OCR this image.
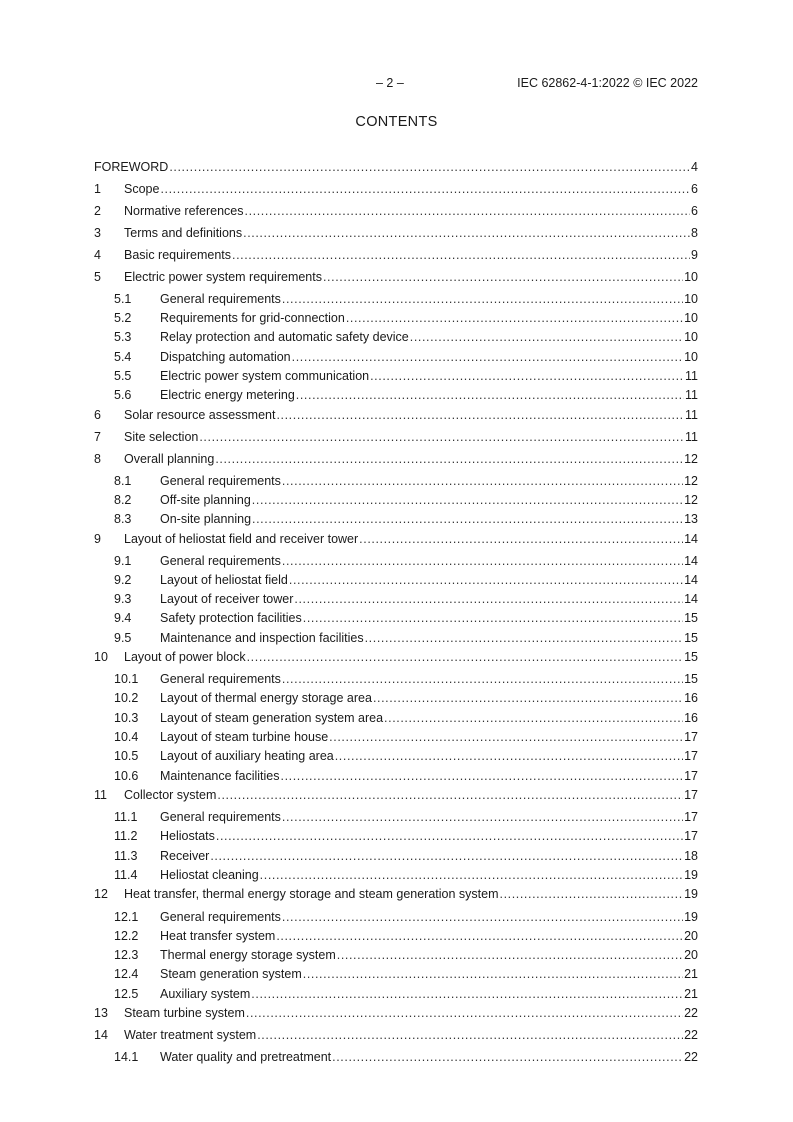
– 2 –	IEC 62862-4-1:2022 © IEC 2022
CONTENTS
FOREWORD .....	4
1	Scope .....	6
2	Normative references .....	6
3	Terms and definitions .....	8
4	Basic requirements .....	9
5	Electric power system requirements .....	10
5.1	General requirements .....	10
5.2	Requirements for grid-connection .....	10
5.3	Relay protection and automatic safety device .....	10
5.4	Dispatching automation .....	10
5.5	Electric power system communication .....	11
5.6	Electric energy metering .....	11
6	Solar resource assessment .....	11
7	Site selection .....	11
8	Overall planning .....	12
8.1	General requirements .....	12
8.2	Off-site planning .....	12
8.3	On-site planning .....	13
9	Layout of heliostat field and receiver tower .....	14
9.1	General requirements .....	14
9.2	Layout of heliostat field .....	14
9.3	Layout of receiver tower .....	14
9.4	Safety protection facilities .....	15
9.5	Maintenance and inspection facilities .....	15
10	Layout of power block .....	15
10.1	General requirements .....	15
10.2	Layout of thermal energy storage area .....	16
10.3	Layout of steam generation system area .....	16
10.4	Layout of steam turbine house .....	17
10.5	Layout of auxiliary heating area .....	17
10.6	Maintenance facilities .....	17
11	Collector system .....	17
11.1	General requirements .....	17
11.2	Heliostats .....	17
11.3	Receiver .....	18
11.4	Heliostat cleaning .....	19
12	Heat transfer, thermal energy storage and steam generation system .....	19
12.1	General requirements .....	19
12.2	Heat transfer system .....	20
12.3	Thermal energy storage system .....	20
12.4	Steam generation system .....	21
12.5	Auxiliary system .....	21
13	Steam turbine system .....	22
14	Water treatment system .....	22
14.1	Water quality and pretreatment .....	22
